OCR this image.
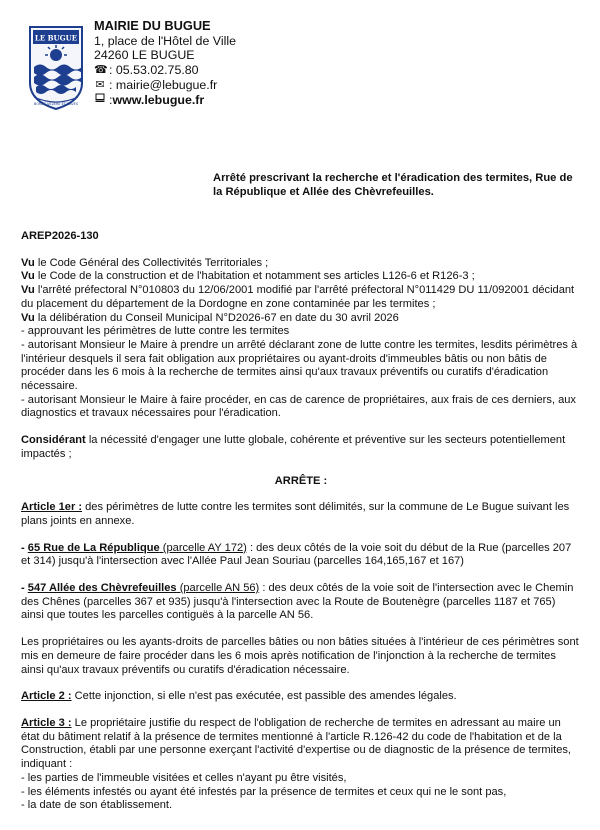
LE BUGUE
BORDS VEZERE ET CAVES
MAIRIE DU BUGUE
1, place de l'Hôtel de Ville
24260 LE BUGUE
☎ : 05.53.02.75.80
✉ : mairie@lebugue.fr
: www.lebugue.fr
Arrêté prescrivant la recherche et l'éradication des termites, Rue de la République et Allée des Chèvrefeuilles.

AREP2026-130

Vu le Code Général des Collectivités Territoriales ;

Vu le Code de la construction et de l'habitation et notamment ses articles L126-6 et R126-3 ;

Vu l'arrêté préfectoral N°010803 du 12/06/2001 modifié par l'arrêté préfectoral N°011429 DU 11/092001 décidant du placement du département de la Dordogne en zone contaminée par les termites ;

Vu la délibération du Conseil Municipal N°D2026-67 en date du 30 avril 2026

- approuvant les périmètres de lutte contre les termites

- autorisant Monsieur le Maire à prendre un arrêté déclarant zone de lutte contre les termites, lesdits périmètres à l'intérieur desquels il sera fait obligation aux propriétaires ou ayant-droits d'immeubles bâtis ou non bâtis de procéder dans les 6 mois à la recherche de termites ainsi qu'aux travaux préventifs ou curatifs d'éradication nécessaire.

- autorisant Monsieur le Maire à faire procéder, en cas de carence de propriétaires, aux frais de ces derniers, aux diagnostics et travaux nécessaires pour l'éradication.

Considérant la nécessité d'engager une lutte globale, cohérente et préventive sur les secteurs potentiellement impactés ;

ARRÊTE :

Article 1er : des périmètres de lutte contre les termites sont délimités, sur la commune de Le Bugue suivant les plans joints en annexe.

- 65 Rue de La République (parcelle AY 172) : des deux côtés de la voie soit du début de la Rue (parcelles 207 et 314) jusqu'à l'intersection avec l'Allée Paul Jean Souriau (parcelles 164,165,167 et 167)

- 547 Allée des Chèvrefeuilles (parcelle AN 56) : des deux côtés de la voie soit de l'intersection avec le Chemin des Chênes (parcelles 367 et 935) jusqu'à l'intersection avec la Route de Boutenègre (parcelles 1187 et 765) ainsi que toutes les parcelles contiguës à la parcelle AN 56.

Les propriétaires ou les ayants-droits de parcelles bâties ou non bâties situées à l'intérieur de ces périmètres sont mis en demeure de faire procéder dans les 6 mois après notification de l'injonction à la recherche de termites ainsi qu'aux travaux préventifs ou curatifs d'éradication nécessaire.

Article 2 : Cette injonction, si elle n'est pas exécutée, est passible des amendes légales.

Article 3 : Le propriétaire justifie du respect de l'obligation de recherche de termites en adressant au maire un état du bâtiment relatif à la présence de termites mentionné à l'article R.126-42 du code de l'habitation et de la Construction, établi par une personne exerçant l'activité d'expertise ou de diagnostic de la présence de termites, indiquant :

- les parties de l'immeuble visitées et celles n'ayant pu être visités,

- les éléments infestés ou ayant été infestés par la présence de termites et ceux qui ne le sont pas,

- la date de son établissement.
